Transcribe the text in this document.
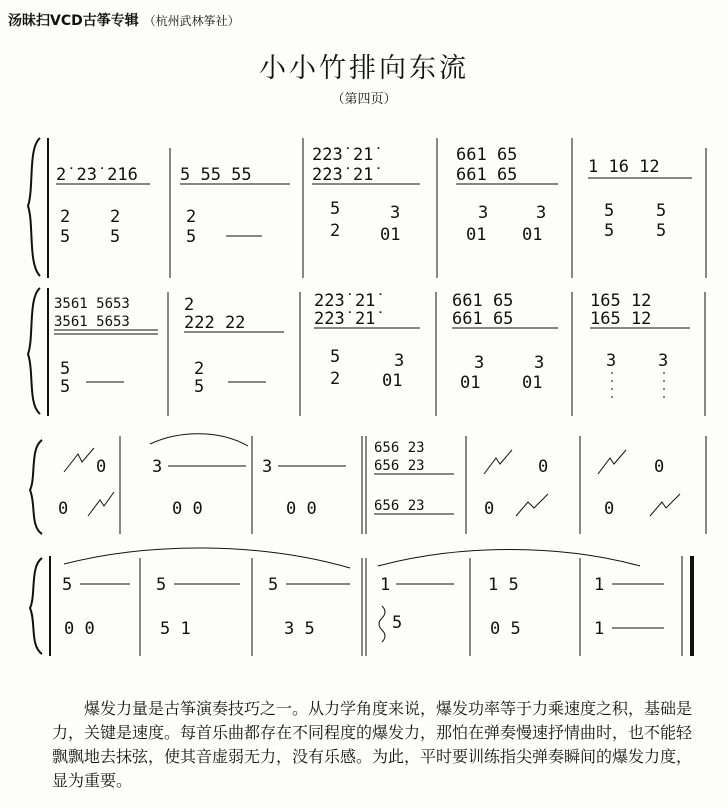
汤昧扫VCD古筝专辑 （杭州武林筝社）
小小竹排向东流
（第四页）
2̇ 2̇3̇ 2̇1̇6
2
5
2
5
5 55 55
2
5
2̇2̇3̇ 2̇1̇
2̇2̇3̇ 2̇1̇
5
2
3
01
661 65
661 65
3
01
3
01
1 16 12
5
5
5
5
3561 5653
3561 5653
5
5
2
222 22
2
5
2̇2̇3̇ 2̇1̇
2̇2̇3̇ 2̇1̇
5
2
3
01
661 65
661 65
3
01
3
01
165 12
165 12
3 3
0
0
3
0 0
3
0 0
656 23
656 23
656 23
0
0
0
0
5
0 0
5
5 1
5
3 5
1
5
1 5
0 5
1
1

爆发力量是古筝演奏技巧之一。从力学角度来说，爆发功率等于力乘速度之积，基础是力，关键是速度。每首乐曲都存在不同程度的爆发力，那怕在弹奏慢速抒情曲时，也不能轻飘飘地去抹弦，使其音虚弱无力，没有乐感。为此，平时要训练指尖弹奏瞬间的爆发力度，显为重要。
